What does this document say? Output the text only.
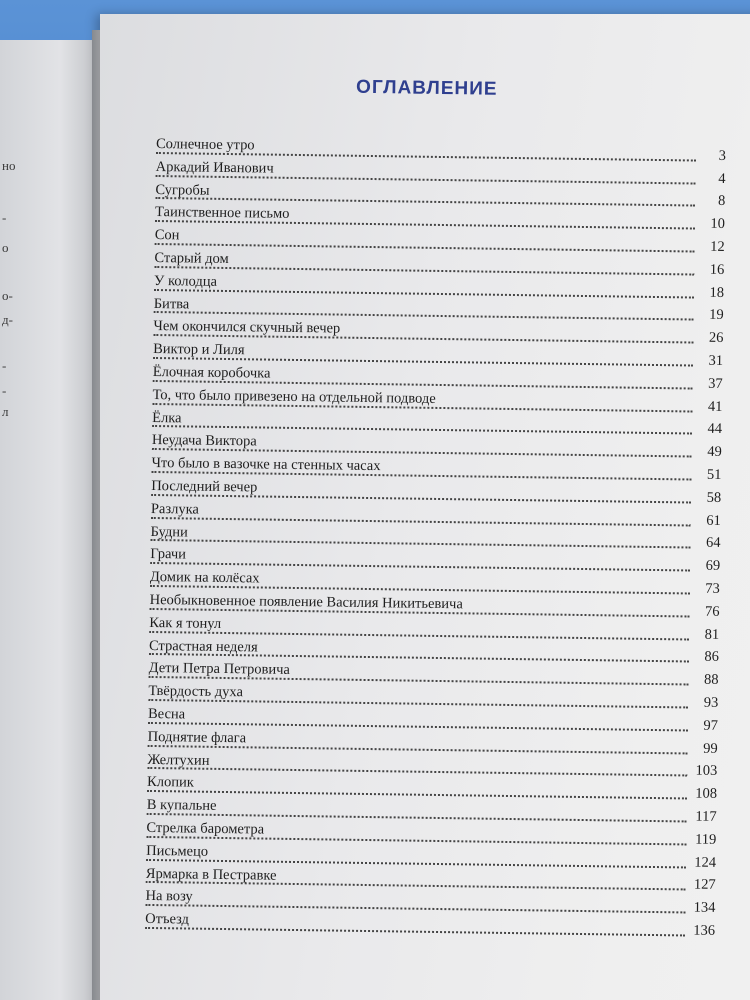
но
-
о
о-
д-
-
-
л
ОГЛАВЛЕНИЕ
Солнечное утро
3
Аркадий Иванович
4
Сугробы
8
Таинственное письмо
10
Сон
12
Старый дом
16
У колодца
18
Битва
19
Чем окончился скучный вечер
26
Виктор и Лиля
31
Ёлочная коробочка
37
То, что было привезено на отдельной подводе	41
Ёлка
44
Неудача Виктора
49
Что было в вазочке на стенных часах
51
Последний вечер
58
Разлука
61
Будни
64
Грачи
69
Домик на колёсах
73
Необыкновенное появление Василия Никитьевича	76
Как я тонул
81
Страстная неделя
86
Дети Петра Петровича
88
Твёрдость духа
93
Весна
97
Поднятие флага
99
Желтухин
103
Клопик
108
В купальне
117
Стрелка барометра
119
Письмецо
124
Ярмарка в Пестравке
127
На возу
134
Отъезд
136
